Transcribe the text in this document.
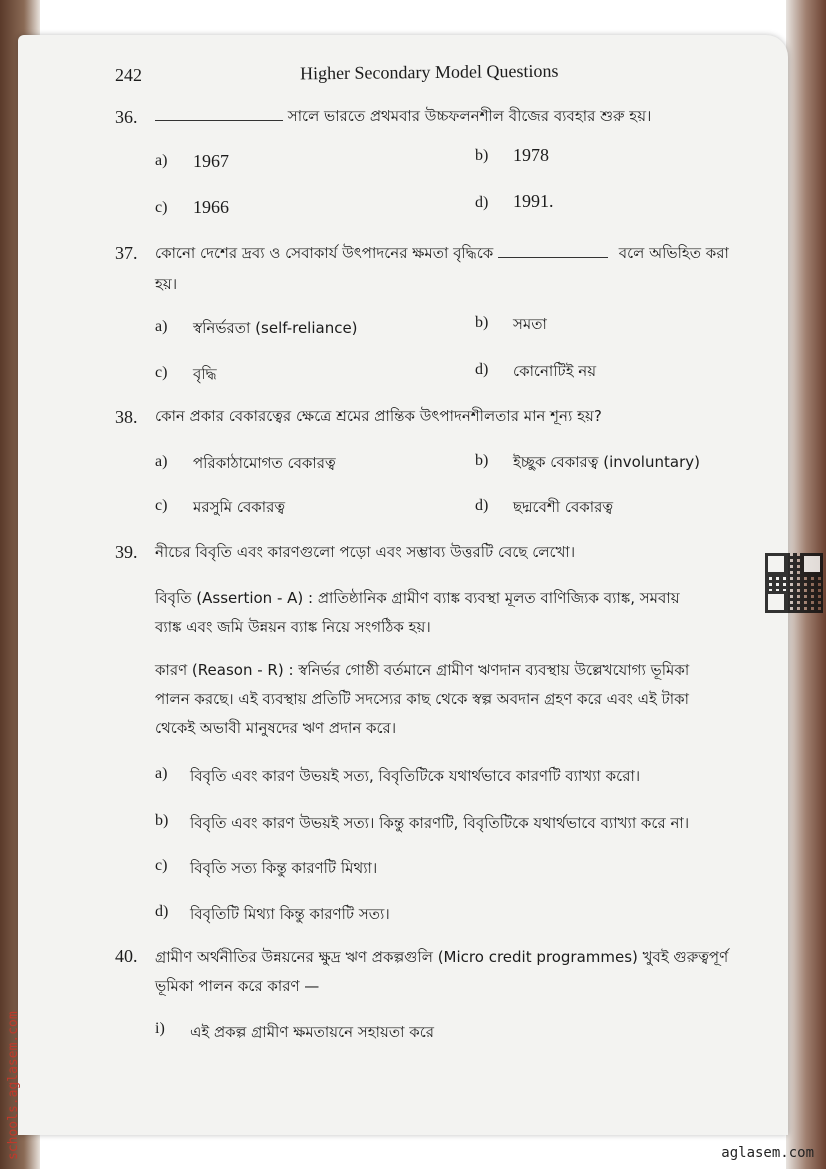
242	Higher Secondary Model Questions
36.	সালে ভারতে প্রথমবার উচ্চফলনশীল বীজের ব্যবহার শুরু হয়।
a) 1967	b) 1978
c) 1966	d) 1991.
37. কোনো দেশের দ্রব্য ও সেবাকার্য উৎপাদনের ক্ষমতা বৃদ্ধিকে	বলে অভিহিত করা
হয়।
a) স্বনির্ভরতা (self-reliance)	b) সমতা
c) বৃদ্ধি	d) কোনোটিই নয়
38. কোন প্রকার বেকারত্বের ক্ষেত্রে শ্রমের প্রান্তিক উৎপাদনশীলতার মান শূন্য হয়?
a) পরিকাঠামোগত বেকারত্ব	b) ইচ্ছুক বেকারত্ব (involuntary)
c) মরসুমি বেকারত্ব	d) ছদ্মবেশী বেকারত্ব
39. নীচের বিবৃতি এবং কারণগুলো পড়ো এবং সম্ভাব্য উত্তরটি বেছে লেখো।
বিবৃতি (Assertion - A) : প্রাতিষ্ঠানিক গ্রামীণ ব্যাঙ্ক ব্যবস্থা মূলত বাণিজ্যিক ব্যাঙ্ক, সমবায়
ব্যাঙ্ক এবং জমি উন্নয়ন ব্যাঙ্ক নিয়ে সংগঠিক হয়।
কারণ (Reason - R) : স্বনির্ভর গোষ্ঠী বর্তমানে গ্রামীণ ঋণদান ব্যবস্থায় উল্লেখযোগ্য ভূমিকা
পালন করছে। এই ব্যবস্থায় প্রতিটি সদস্যের কাছ থেকে স্বল্প অবদান গ্রহণ করে এবং এই টাকা
থেকেই অভাবী মানুষদের ঋণ প্রদান করে।
a) বিবৃতি এবং কারণ উভয়ই সত্য, বিবৃতিটিকে যথার্থভাবে কারণটি ব্যাখ্যা করো।
b) বিবৃতি এবং কারণ উভয়ই সত্য। কিন্তু কারণটি, বিবৃতিটিকে যথার্থভাবে ব্যাখ্যা করে না।
c) বিবৃতি সত্য কিন্তু কারণটি মিথ্যা।
d) বিবৃতিটি মিথ্যা কিন্তু কারণটি সত্য।
40. গ্রামীণ অর্থনীতির উন্নয়নের ক্ষুদ্র ঋণ প্রকল্পগুলি (Micro credit programmes) খুবই গুরুত্বপূর্ণ
ভূমিকা পালন করে কারণ —
i) এই প্রকল্প গ্রামীণ ক্ষমতায়নে সহায়তা করে
schools.aglasem.com	aglasem.com
